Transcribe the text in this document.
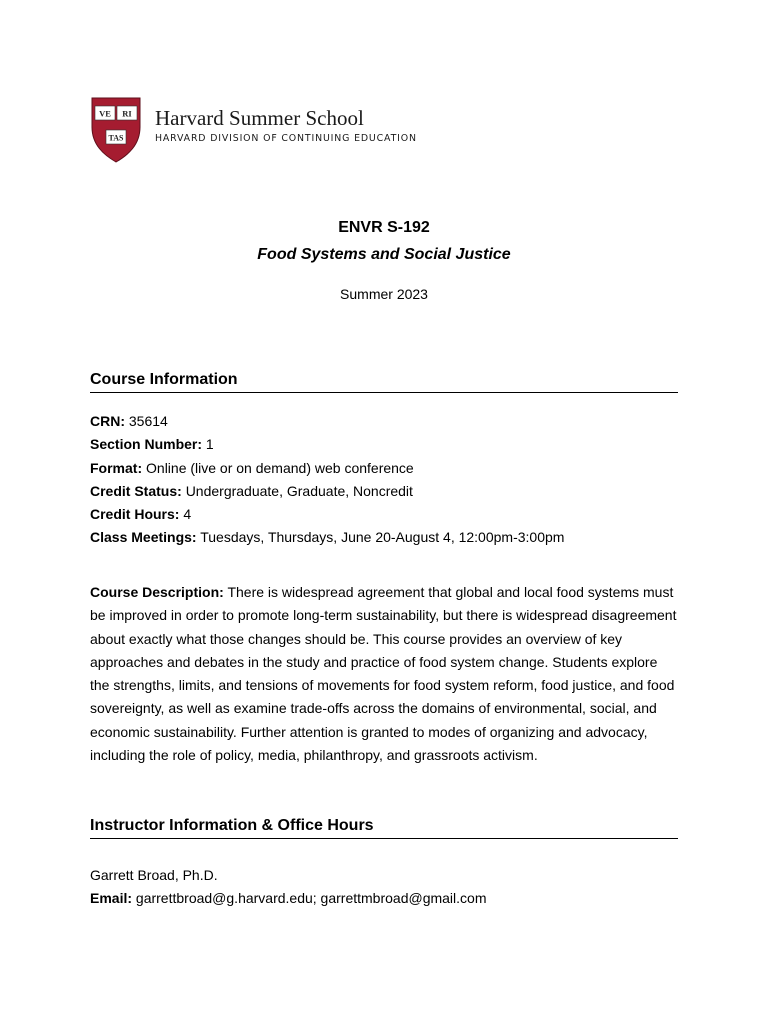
VE RI
TAS
Harvard Summer School
HARVARD DIVISION OF CONTINUING EDUCATION
ENVR S-192
Food Systems and Social Justice
Summer 2023
Course Information
CRN: 35614
Section Number: 1
Format: Online (live or on demand) web conference
Credit Status: Undergraduate, Graduate, Noncredit
Credit Hours: 4
Class Meetings: Tuesdays, Thursdays, June 20-August 4, 12:00pm-3:00pm
Course Description: There is widespread agreement that global and local food systems must be improved in order to promote long-term sustainability, but there is widespread disagreement about exactly what those changes should be. This course provides an overview of key approaches and debates in the study and practice of food system change. Students explore the strengths, limits, and tensions of movements for food system reform, food justice, and food sovereignty, as well as examine trade-offs across the domains of environmental, social, and economic sustainability. Further attention is granted to modes of organizing and advocacy, including the role of policy, media, philanthropy, and grassroots activism.
Instructor Information & Office Hours
Garrett Broad, Ph.D.
Email: garrettbroad@g.harvard.edu; garrettmbroad@gmail.com
